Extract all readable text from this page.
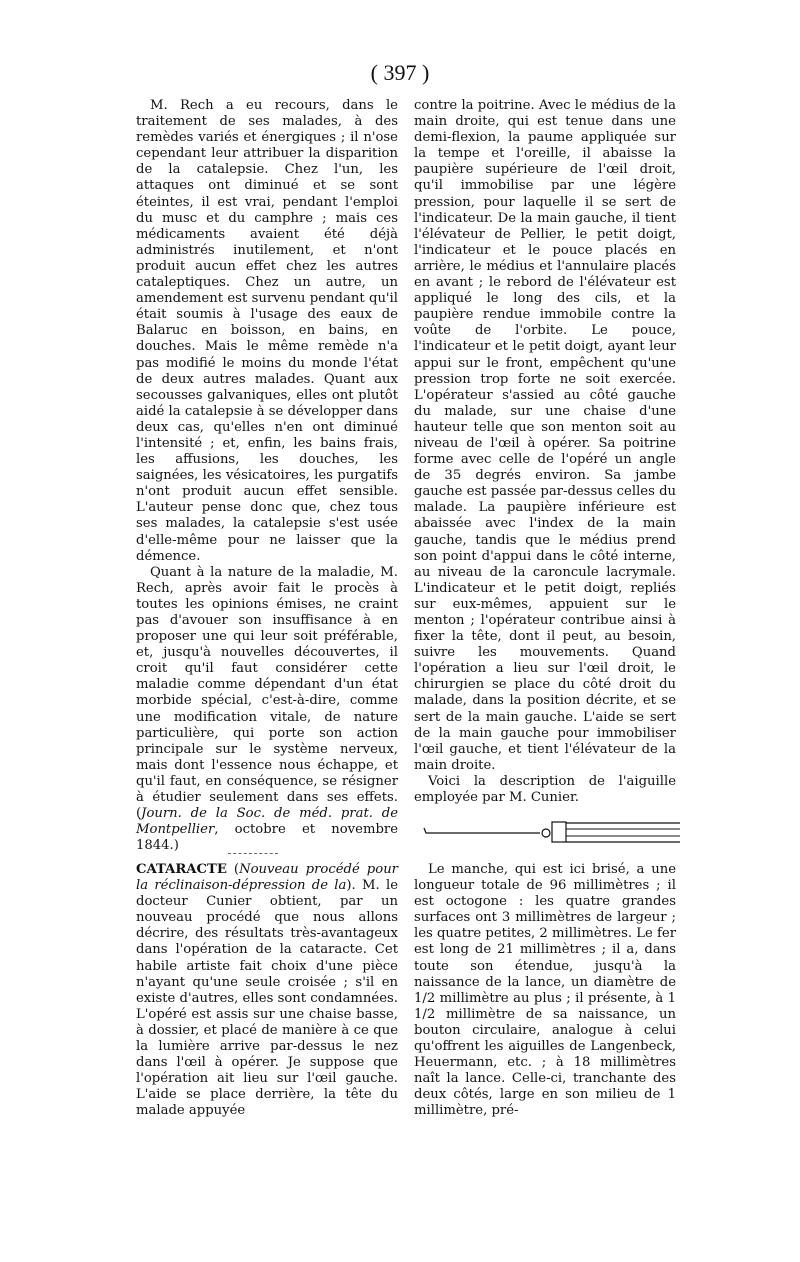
( 397 )

M. Rech a eu recours, dans le traitement de ses malades, à des remèdes variés et énergiques ; il n'ose cependant leur attribuer la disparition de la catalepsie. Chez l'un, les attaques ont diminué et se sont éteintes, il est vrai, pendant l'emploi du musc et du camphre ; mais ces médicaments avaient été déjà administrés inutilement, et n'ont produit aucun effet chez les autres cataleptiques. Chez un autre, un amendement est survenu pendant qu'il était soumis à l'usage des eaux de Balaruc en boisson, en bains, en douches. Mais le même remède n'a pas modifié le moins du monde l'état de deux autres malades. Quant aux secousses galvaniques, elles ont plutôt aidé la catalepsie à se développer dans deux cas, qu'elles n'en ont diminué l'intensité ; et, enfin, les bains frais, les affusions, les douches, les saignées, les vésicatoires, les purgatifs n'ont produit aucun effet sensible. L'auteur pense donc que, chez tous ses malades, la catalepsie s'est usée d'elle-même pour ne laisser que la démence.

Quant à la nature de la maladie, M. Rech, après avoir fait le procès à toutes les opinions émises, ne craint pas d'avouer son insuffisance à en proposer une qui leur soit préférable, et, jusqu'à nouvelles découvertes, il croit qu'il faut considérer cette maladie comme dépendant d'un état morbide spécial, c'est-à-dire, comme une modification vitale, de nature particulière, qui porte son action principale sur le système nerveux, mais dont l'essence nous échappe, et qu'il faut, en conséquence, se résigner à étudier seulement dans ses effets. (Journ. de la Soc. de méd. prat. de Montpellier, octobre et novembre 1844.)

contre la poitrine. Avec le médius de la main droite, qui est tenue dans une demi-flexion, la paume appliquée sur la tempe et l'oreille, il abaisse la paupière supérieure de l'œil droit, qu'il immobilise par une légère pression, pour laquelle il se sert de l'indicateur. De la main gauche, il tient l'élévateur de Pellier, le petit doigt, l'indicateur et le pouce placés en arrière, le médius et l'annulaire placés en avant ; le rebord de l'élévateur est appliqué le long des cils, et la paupière rendue immobile contre la voûte de l'orbite. Le pouce, l'indicateur et le petit doigt, ayant leur appui sur le front, empêchent qu'une pression trop forte ne soit exercée. L'opérateur s'assied au côté gauche du malade, sur une chaise d'une hauteur telle que son menton soit au niveau de l'œil à opérer. Sa poitrine forme avec celle de l'opéré un angle de 35 degrés environ. Sa jambe gauche est passée par-dessus celles du malade. La paupière inférieure est abaissée avec l'index de la main gauche, tandis que le médius prend son point d'appui dans le côté interne, au niveau de la caroncule lacrymale. L'indicateur et le petit doigt, repliés sur eux-mêmes, appuient sur le menton ; l'opérateur contribue ainsi à fixer la tête, dont il peut, au besoin, suivre les mouvements. Quand l'opération a lieu sur l'œil droit, le chirurgien se place du côté droit du malade, dans la position décrite, et se sert de la main gauche. L'aide se sert de la main gauche pour immobiliser l'œil gauche, et tient l'élévateur de la main droite.

Voici la description de l'aiguille employée par M. Cunier.

CATARACTE (Nouveau procédé pour la réclinaison-dépression de la). M. le docteur Cunier obtient, par un nouveau procédé que nous allons décrire, des résultats très-avantageux dans l'opération de la cataracte. Cet habile artiste fait choix d'une pièce n'ayant qu'une seule croisée ; s'il en existe d'autres, elles sont condamnées. L'opéré est assis sur une chaise basse, à dossier, et placé de manière à ce que la lumière arrive par-dessus le nez dans l'œil à opérer. Je suppose que l'opération ait lieu sur l'œil gauche. L'aide se place derrière, la tête du malade appuyée

Le manche, qui est ici brisé, a une longueur totale de 96 millimètres ; il est octogone : les quatre grandes surfaces ont 3 millimètres de largeur ; les quatre petites, 2 millimètres. Le fer est long de 21 millimètres ; il a, dans toute son étendue, jusqu'à la naissance de la lance, un diamètre de 1/2 millimètre au plus ; il présente, à 1 1/2 millimètre de sa naissance, un bouton circulaire, analogue à celui qu'offrent les aiguilles de Langenbeck, Heuermann, etc. ; à 18 millimètres naît la lance. Celle-ci, tranchante des deux côtés, large en son milieu de 1 millimètre, pré-
